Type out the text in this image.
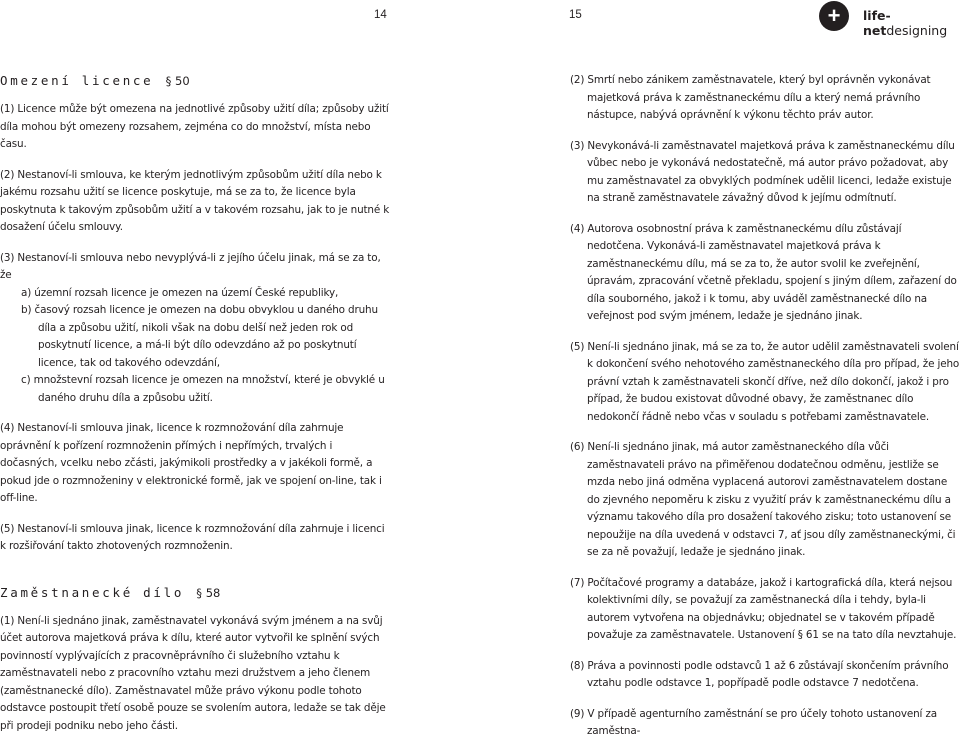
14	15	+	life-netdesigning
Omezení licence § 50

(1) Licence může být omezena na jednotlivé způsoby užití díla; způsoby užití díla mohou být omezeny rozsahem, zejména co do množství, místa nebo času.

(2) Nestanoví-li smlouva, ke kterým jednotlivým způsobům užití díla nebo k jakému rozsahu užití se licence poskytuje, má se za to, že licence byla poskytnuta k takovým způsobům užití a v takovém rozsahu, jak to je nutné k dosažení účelu smlouvy.

(3) Nestanoví-li smlouva nebo nevyplývá-li z jejího účelu jinak, má se za to, že

a) územní rozsah licence je omezen na území České republiky,

b) časový rozsah licence je omezen na dobu obvyklou u daného druhu díla a způsobu užití, nikoli však na dobu delší než jeden rok od poskytnutí licence, a má-li být dílo odevzdáno až po poskytnutí licence, tak od takového odevzdání,

c) množstevní rozsah licence je omezen na množství, které je obvyklé u daného druhu díla a způsobu užití.

(4) Nestanoví-li smlouva jinak, licence k rozmnožování díla zahrnuje oprávnění k pořízení rozmnoženin přímých i nepřímých, trvalých i dočasných, vcelku nebo zčásti, jakýmikoli prostředky a v jakékoli formě, a pokud jde o rozmnoženiny v elektronické formě, jak ve spojení on-line, tak i off-line.

(5) Nestanoví-li smlouva jinak, licence k rozmnožování díla zahrnuje i licenci k rozšiřování takto zhotovených rozmnoženin.

Zaměstnanecké dílo § 58

(1) Není-li sjednáno jinak, zaměstnavatel vykonává svým jménem a na svůj účet autorova majetková práva k dílu, které autor vytvořil ke splnění svých povinností vyplývajících z pracovněprávního či služebního vztahu k zaměstnavateli nebo z pracovního vztahu mezi družstvem a jeho členem (zaměstnanecké dílo). Zaměstnavatel může právo výkonu podle tohoto odstavce postoupit třetí osobě pouze se svolením autora, ledaže se tak děje při prodeji podniku nebo jeho části.

(2) Smrtí nebo zánikem zaměstnavatele, který byl oprávněn vykonávat majetková práva k zaměstnaneckému dílu a který nemá právního nástupce, nabývá oprávnění k výkonu těchto práv autor.

(3) Nevykonává-li zaměstnavatel majetková práva k zaměstnaneckému dílu vůbec nebo je vykonává nedostatečně, má autor právo požadovat, aby mu zaměstnavatel za obvyklých podmínek udělil licenci, ledaže existuje na straně zaměstnavatele závažný důvod k jejímu odmítnutí.

(4) Autorova osobnostní práva k zaměstnaneckému dílu zůstávají nedotčena. Vykonává-li zaměstnavatel majetková práva k zaměstnaneckému dílu, má se za to, že autor svolil ke zveřejnění, úpravám, zpracování včetně překladu, spojení s jiným dílem, zařazení do díla souborného, jakož i k tomu, aby uváděl zaměstnanecké dílo na veřejnost pod svým jménem, ledaže je sjednáno jinak.

(5) Není-li sjednáno jinak, má se za to, že autor udělil zaměstnavateli svolení k dokončení svého nehotového zaměstnaneckého díla pro případ, že jeho právní vztah k zaměstnavateli skončí dříve, než dílo dokončí, jakož i pro případ, že budou existovat důvodné obavy, že zaměstnanec dílo nedokončí řádně nebo včas v souladu s potřebami zaměstnavatele.

(6) Není-li sjednáno jinak, má autor zaměstnaneckého díla vůči zaměstnavateli právo na přiměřenou dodatečnou odměnu, jestliže se mzda nebo jiná odměna vyplacená autorovi zaměstnavatelem dostane do zjevného nepoměru k zisku z využití práv k zaměstnaneckému dílu a významu takového díla pro dosažení takového zisku; toto ustanovení se nepoužije na díla uvedená v odstavci 7, ať jsou díly zaměstnaneckými, či se za ně považují, ledaže je sjednáno jinak.

(7) Počítačové programy a databáze, jakož i kartografická díla, která nejsou kolektivními díly, se považují za zaměstnanecká díla i tehdy, byla-li autorem vytvořena na objednávku; objednatel se v takovém případě považuje za zaměstnavatele. Ustanovení § 61 se na tato díla nevztahuje.

(8) Práva a povinnosti podle odstavců 1 až 6 zůstávají skončením právního vztahu podle odstavce 1, popřípadě podle odstavce 7 nedotčena.

(9) V případě agenturního zaměstnání se pro účely tohoto ustanovení za zaměstna-
